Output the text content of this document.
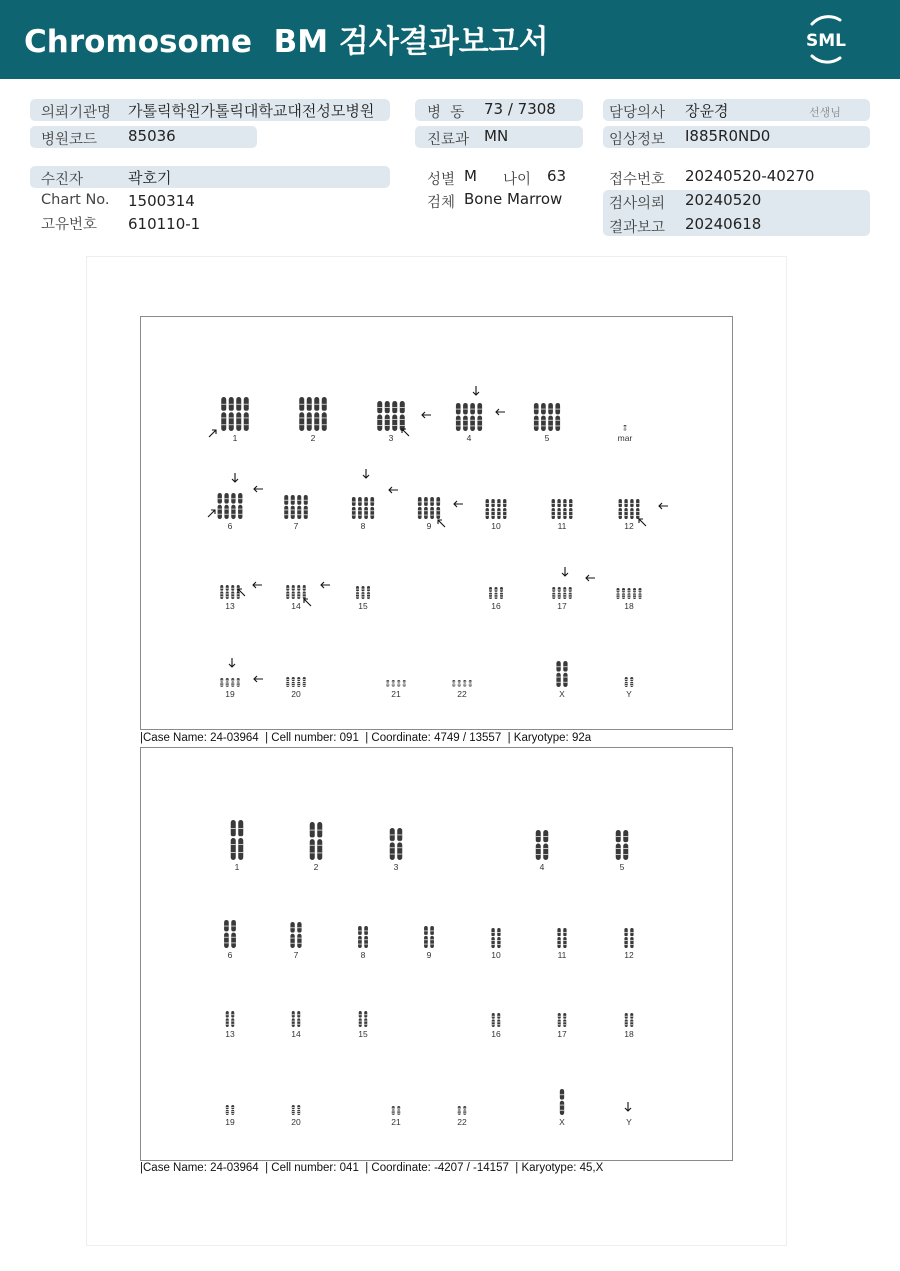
Chromosome  BM 검사결과보고서	SML
의뢰기관명 가톨릭학원가톨릭대학교대전성모병원	병  동 73 / 7308	담당의사 장윤경	선생님
병원코드 85036	진료과 MN	임상정보 I885R0ND0
수진자	곽호기	성별 M 나이 63	접수번호 20240520-40270
Chart No. 1500314	검체 Bone Marrow	검사의뢰 20240520
고유번호 610110-1	결과보고 20240618
1	2	3	4	5	mar
6	7	8	9	10	11	12
13	14	15	16	17	18
19	20	21	22	X	Y
|Case Name: 24-03964  | Cell number: 091  | Coordinate: 4749 / 13557  | Karyotype: 92a
1	2	3	4	5
6	7	8	9	10	11	12
13	14	15	16	17	18
19	20	21	22	X	Y
|Case Name: 24-03964  | Cell number: 041  | Coordinate: -4207 / -14157  | Karyotype: 45,X
